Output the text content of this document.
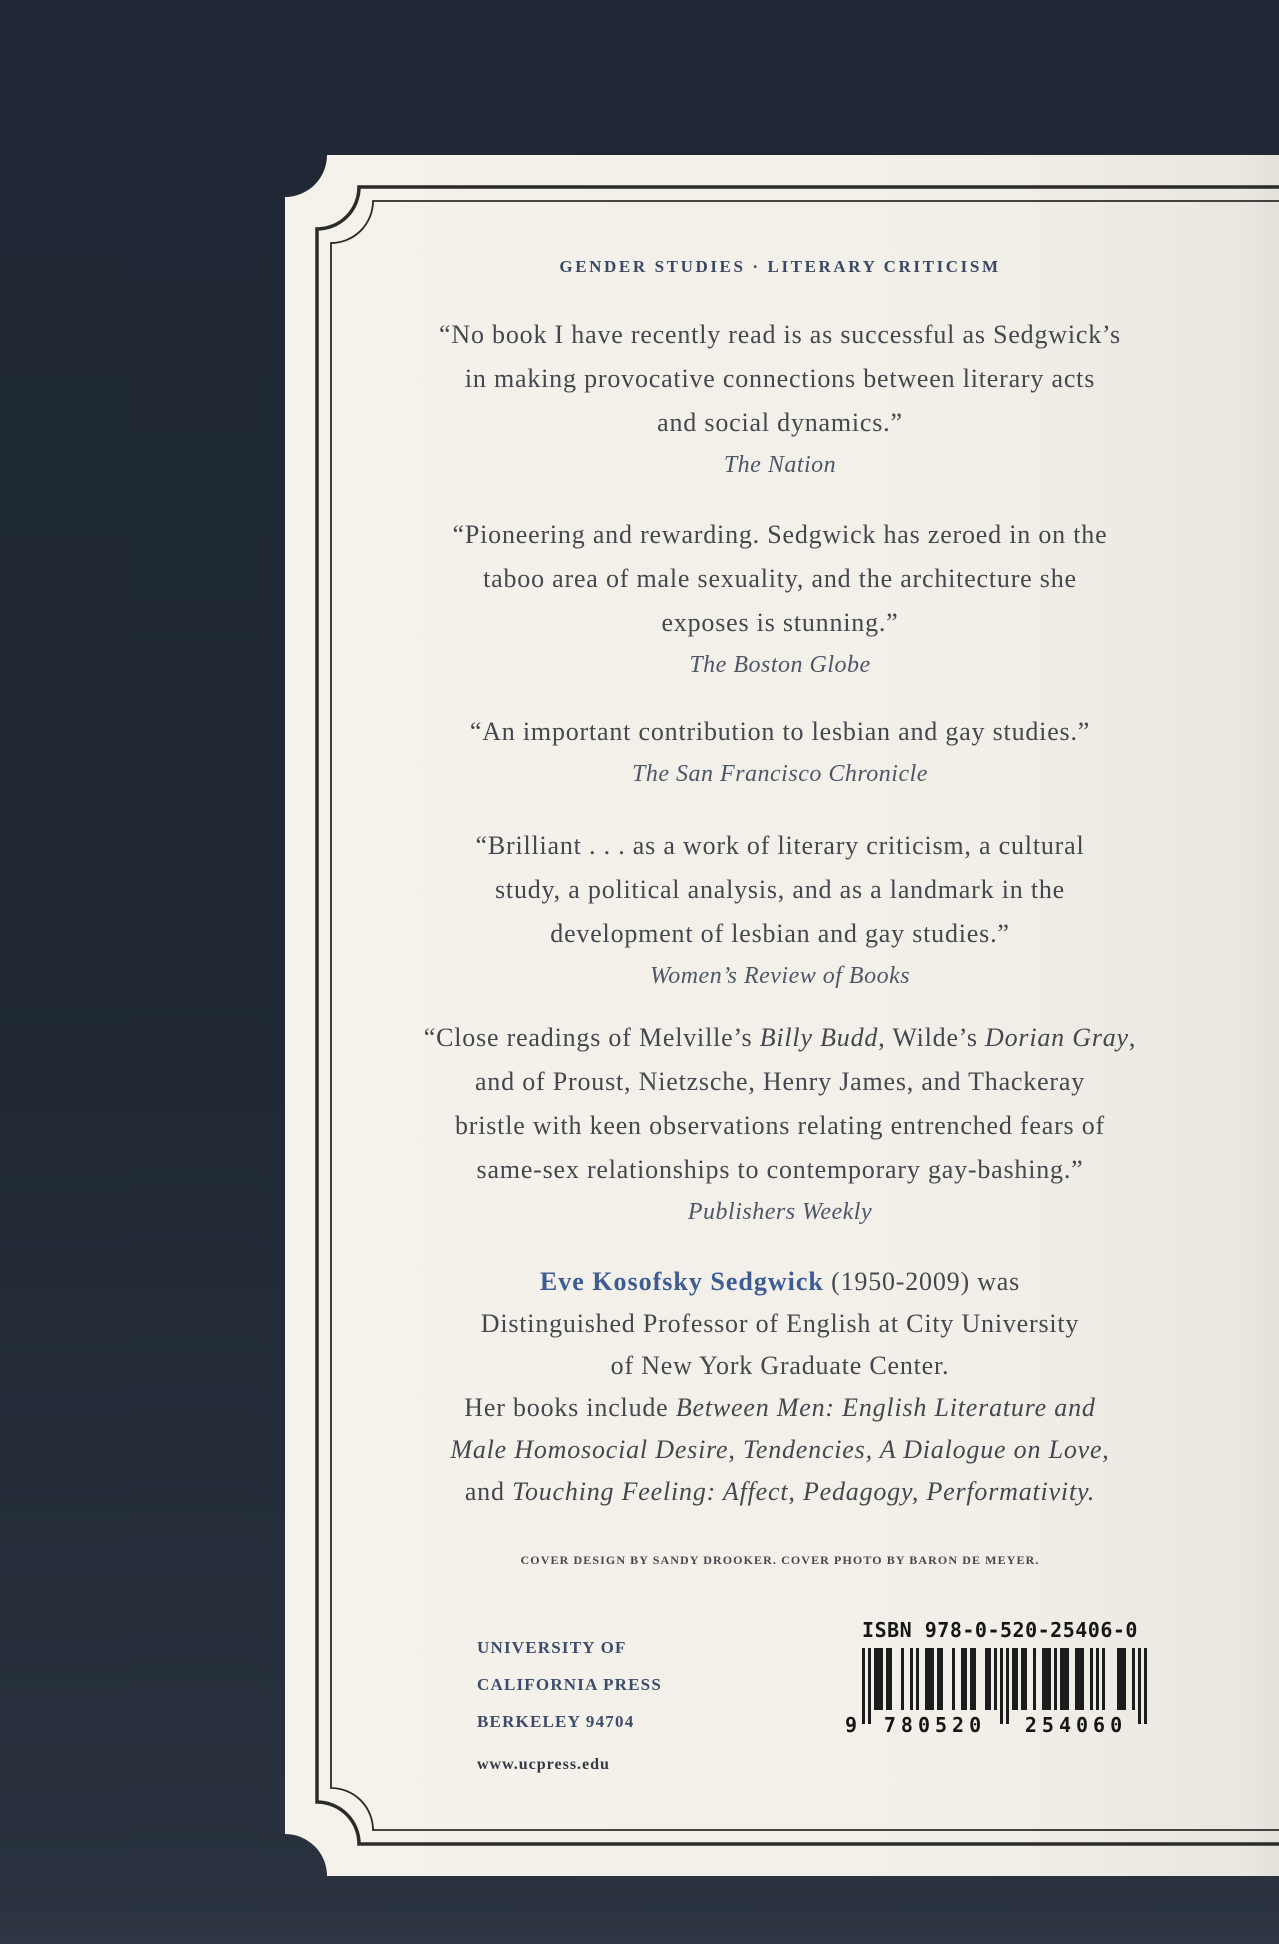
GENDER STUDIES · LITERARY CRITICISM
“No book I have recently read is as successful as Sedgwick’s
in making provocative connections between literary acts
and social dynamics.”
The Nation
“Pioneering and rewarding. Sedgwick has zeroed in on the
taboo area of male sexuality, and the architecture she
exposes is stunning.”
The Boston Globe
“An important contribution to lesbian and gay studies.”
The San Francisco Chronicle
“Brilliant . . . as a work of literary criticism, a cultural
study, a political analysis, and as a landmark in the
development of lesbian and gay studies.”
Women’s Review of Books
“Close readings of Melville’s Billy Budd, Wilde’s Dorian Gray,
and of Proust, Nietzsche, Henry James, and Thackeray
bristle with keen observations relating entrenched fears of
same-sex relationships to contemporary gay-bashing.”
Publishers Weekly
Eve Kosofsky Sedgwick (1950-2009) was
Distinguished Professor of English at City University
of New York Graduate Center.
Her books include Between Men: English Literature and
Male Homosocial Desire, Tendencies, A Dialogue on Love,
and Touching Feeling: Affect, Pedagogy, Performativity.
COVER DESIGN BY SANDY DROOKER. COVER PHOTO BY BARON DE MEYER.
UNIVERSITY OF
CALIFORNIA PRESS
BERKELEY 94704
www.ucpress.edu
ISBN 978-0-520-25406-0
9	780520	254060
